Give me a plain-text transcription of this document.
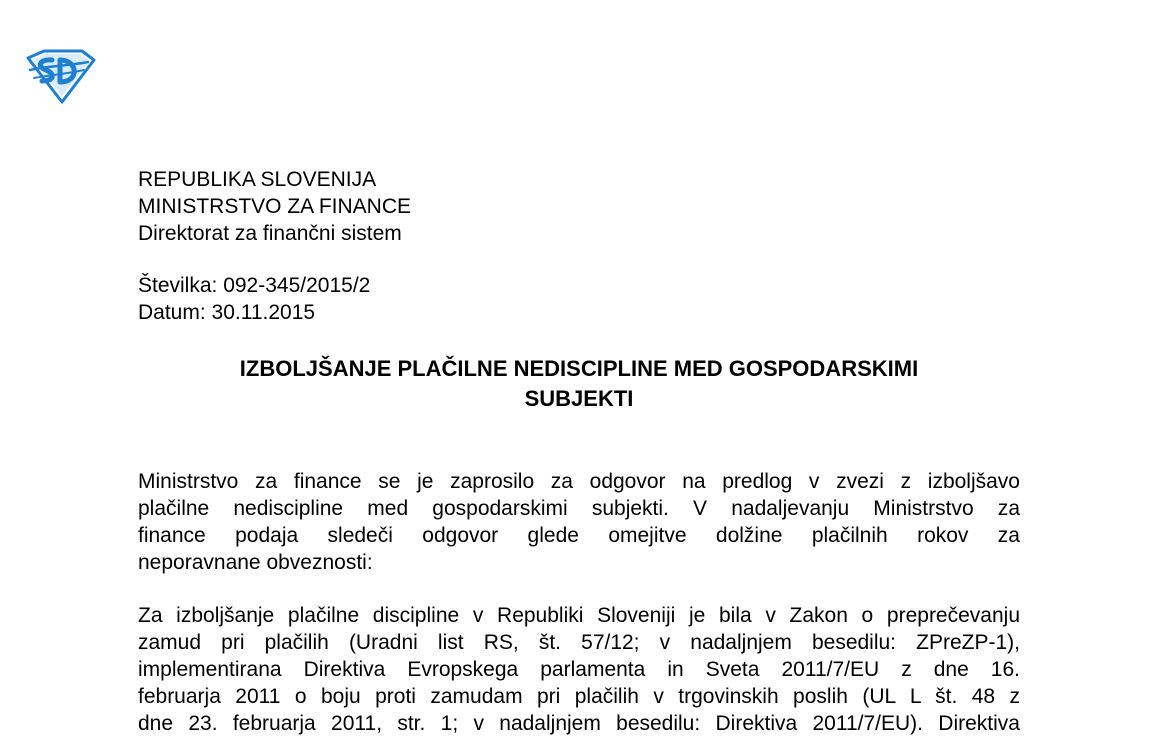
REPUBLIKA SLOVENIJA
MINISTRSTVO ZA FINANCE
Direktorat za finančni sistem
Številka: 092-345/2015/2
Datum: 30.11.2015
IZBOLJŠANJE PLAČILNE NEDISCIPLINE MED GOSPODARSKIMI
SUBJEKTI
Ministrstvo za finance se je zaprosilo za odgovor na predlog v zvezi z izboljšavo
plačilne nediscipline med gospodarskimi subjekti. V nadaljevanju Ministrstvo za
finance podaja sledeči odgovor glede omejitve dolžine plačilnih rokov za
neporavnane obveznosti:
Za izboljšanje plačilne discipline v Republiki Sloveniji je bila v Zakon o preprečevanju
zamud pri plačilih (Uradni list RS, št. 57/12; v nadaljnjem besedilu: ZPreZP-1),
implementirana Direktiva Evropskega parlamenta in Sveta 2011/7/EU z dne 16.
februarja 2011 o boju proti zamudam pri plačilih v trgovinskih poslih (UL L št. 48 z
dne 23. februarja 2011, str. 1; v nadaljnjem besedilu: Direktiva 2011/7/EU). Direktiva
